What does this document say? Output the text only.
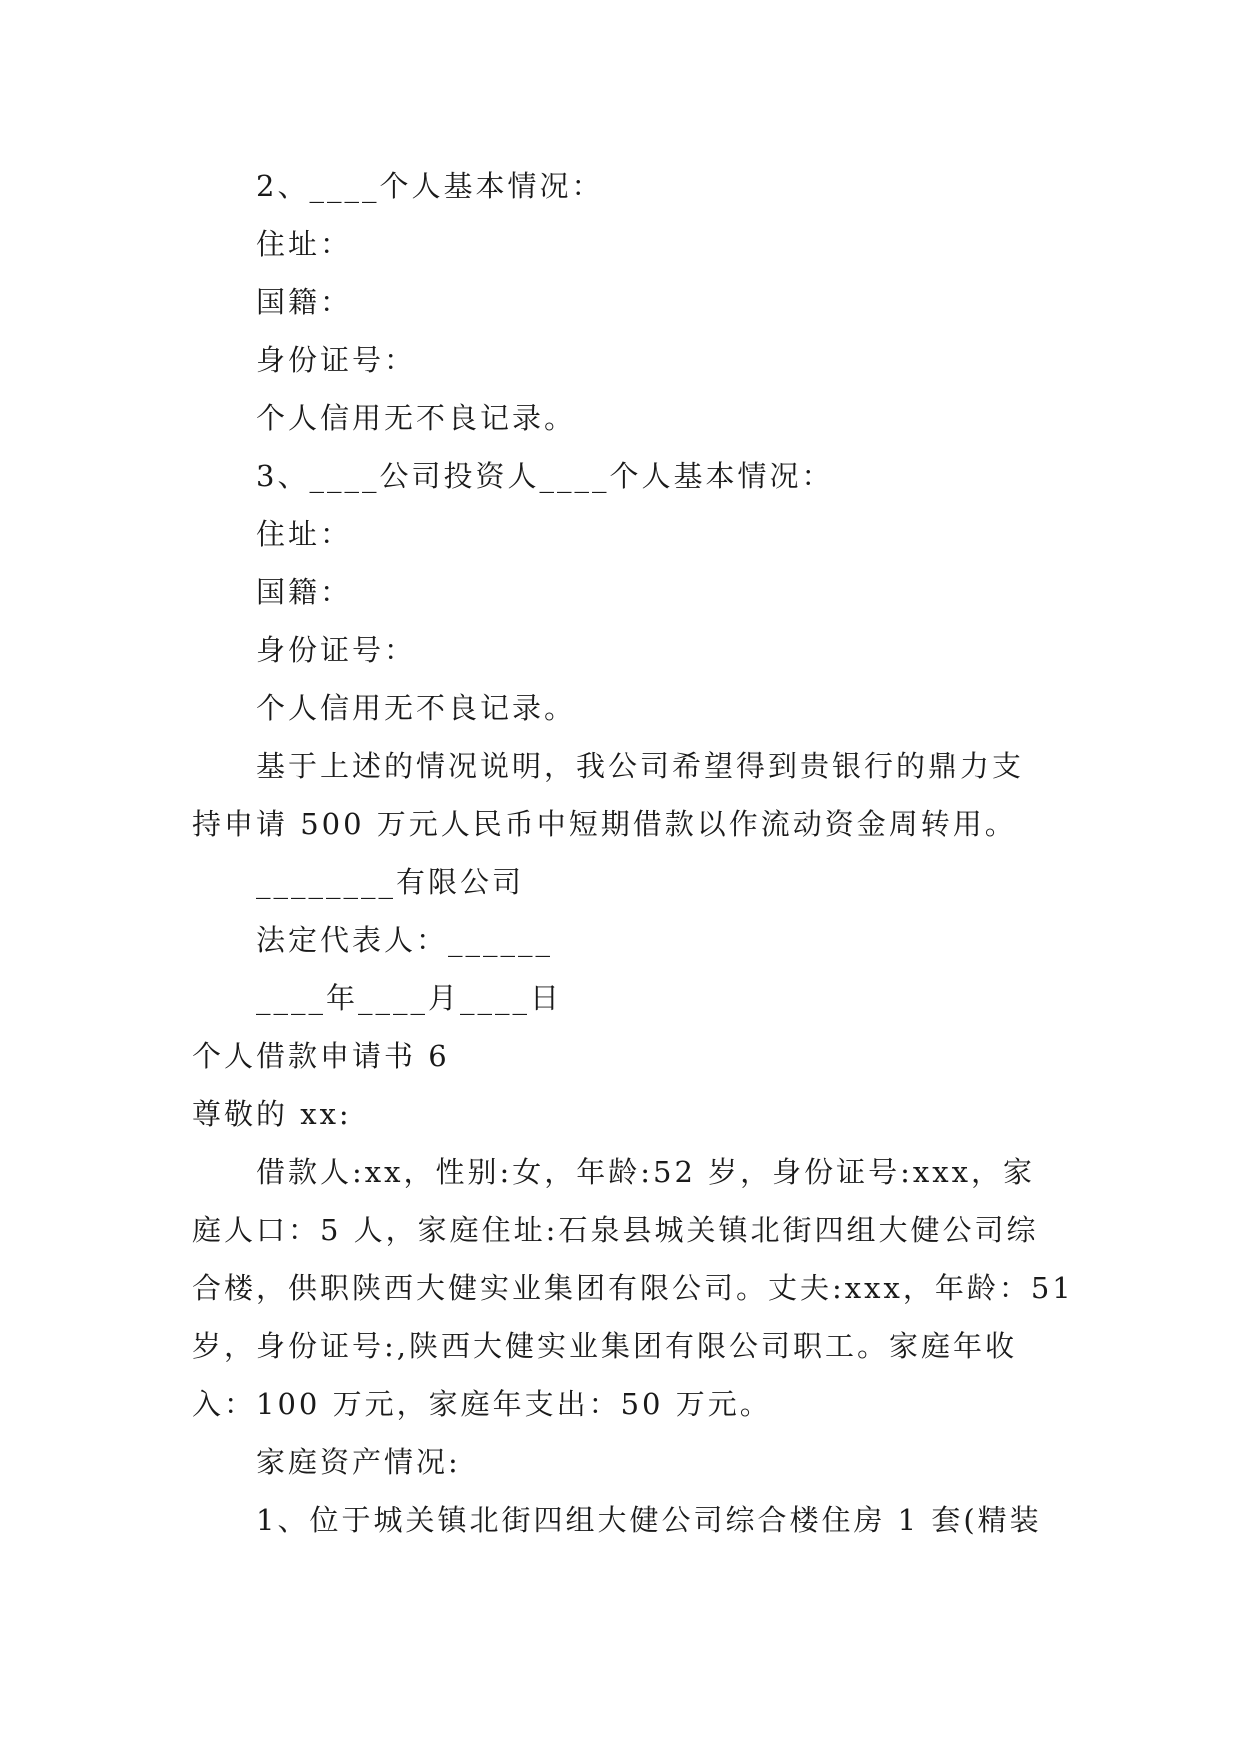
2、____个人基本情况：
住址：
国籍：
身份证号：
个人信用无不良记录。
3、____公司投资人____个人基本情况：
住址：
国籍：
身份证号：
个人信用无不良记录。
基于上述的情况说明，我公司希望得到贵银行的鼎力支
持申请 500 万元人民币中短期借款以作流动资金周转用。
________有限公司
法定代表人：______
____年____月____日
个人借款申请书 6
尊敬的 xx:
借款人:xx，性别:女，年龄:52 岁，身份证号:xxx，家
庭人口：5 人，家庭住址:石泉县城关镇北街四组大健公司综
合楼，供职陕西大健实业集团有限公司。丈夫:xxx，年龄：51
岁，身份证号:,陕西大健实业集团有限公司职工。家庭年收
入：100 万元，家庭年支出：50 万元。
家庭资产情况:
1、位于城关镇北街四组大健公司综合楼住房 1 套(精装
